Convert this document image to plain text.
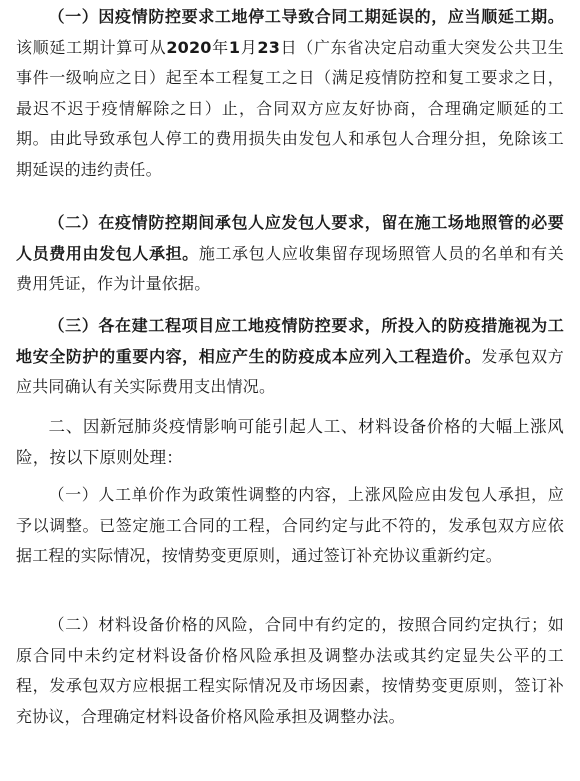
（一）因疫情防控要求工地停工导致合同工期延误的，应当顺延工期。该顺延工期计算可从2020年1月23日（广东省决定启动重大突发公共卫生事件一级响应之日）起至本工程复工之日（满足疫情防控和复工要求之日，最迟不迟于疫情解除之日）止，合同双方应友好协商，合理确定顺延的工期。由此导致承包人停工的费用损失由发包人和承包人合理分担，免除该工期延误的违约责任。

（二）在疫情防控期间承包人应发包人要求，留在施工场地照管的必要人员费用由发包人承担。施工承包人应收集留存现场照管人员的名单和有关费用凭证，作为计量依据。

（三）各在建工程项目应工地疫情防控要求，所投入的防疫措施视为工地安全防护的重要内容，相应产生的防疫成本应列入工程造价。发承包双方应共同确认有关实际费用支出情况。

二、因新冠肺炎疫情影响可能引起人工、材料设备价格的大幅上涨风险，按以下原则处理：

（一）人工单价作为政策性调整的内容，上涨风险应由发包人承担，应予以调整。已签定施工合同的工程，合同约定与此不符的，发承包双方应依据工程的实际情况，按情势变更原则，通过签订补充协议重新约定。

（二）材料设备价格的风险，合同中有约定的，按照合同约定执行；如原合同中未约定材料设备价格风险承担及调整办法或其约定显失公平的工程，发承包双方应根据工程实际情况及市场因素，按情势变更原则，签订补充协议，合理确定材料设备价格风险承担及调整办法。
